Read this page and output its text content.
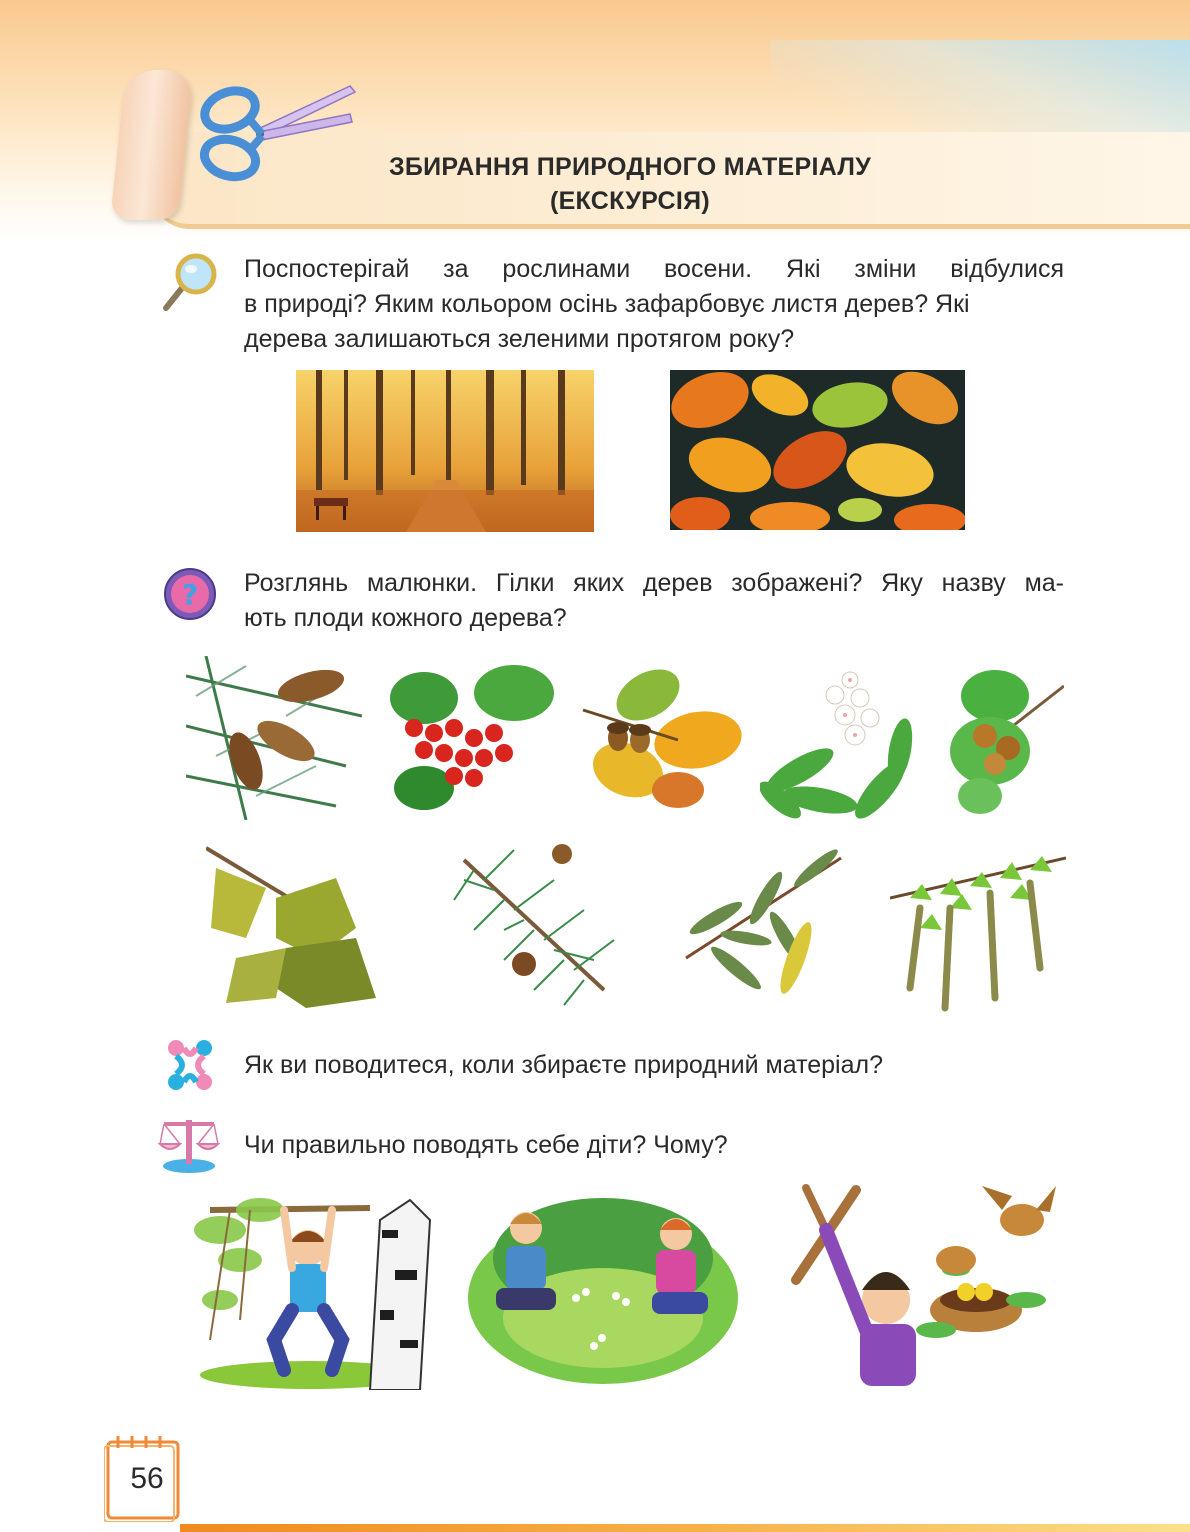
ЗБИРАННЯ ПРИРОДНОГО МАТЕРІАЛУ
(ЕКСКУРСІЯ)
Поспостерігай за рослинами восени. Які зміни відбулися
в природі? Яким кольором осінь зафарбовує листя дерев? Які
дерева залишаються зеленими протягом року?
? Розглянь малюнки. Гілки яких дерев зображені? Яку назву ма-
ють плоди кожного дерева?
Як ви поводитеся, коли збираєте природний матеріал?
Чи правильно поводять себе діти? Чому?
56
